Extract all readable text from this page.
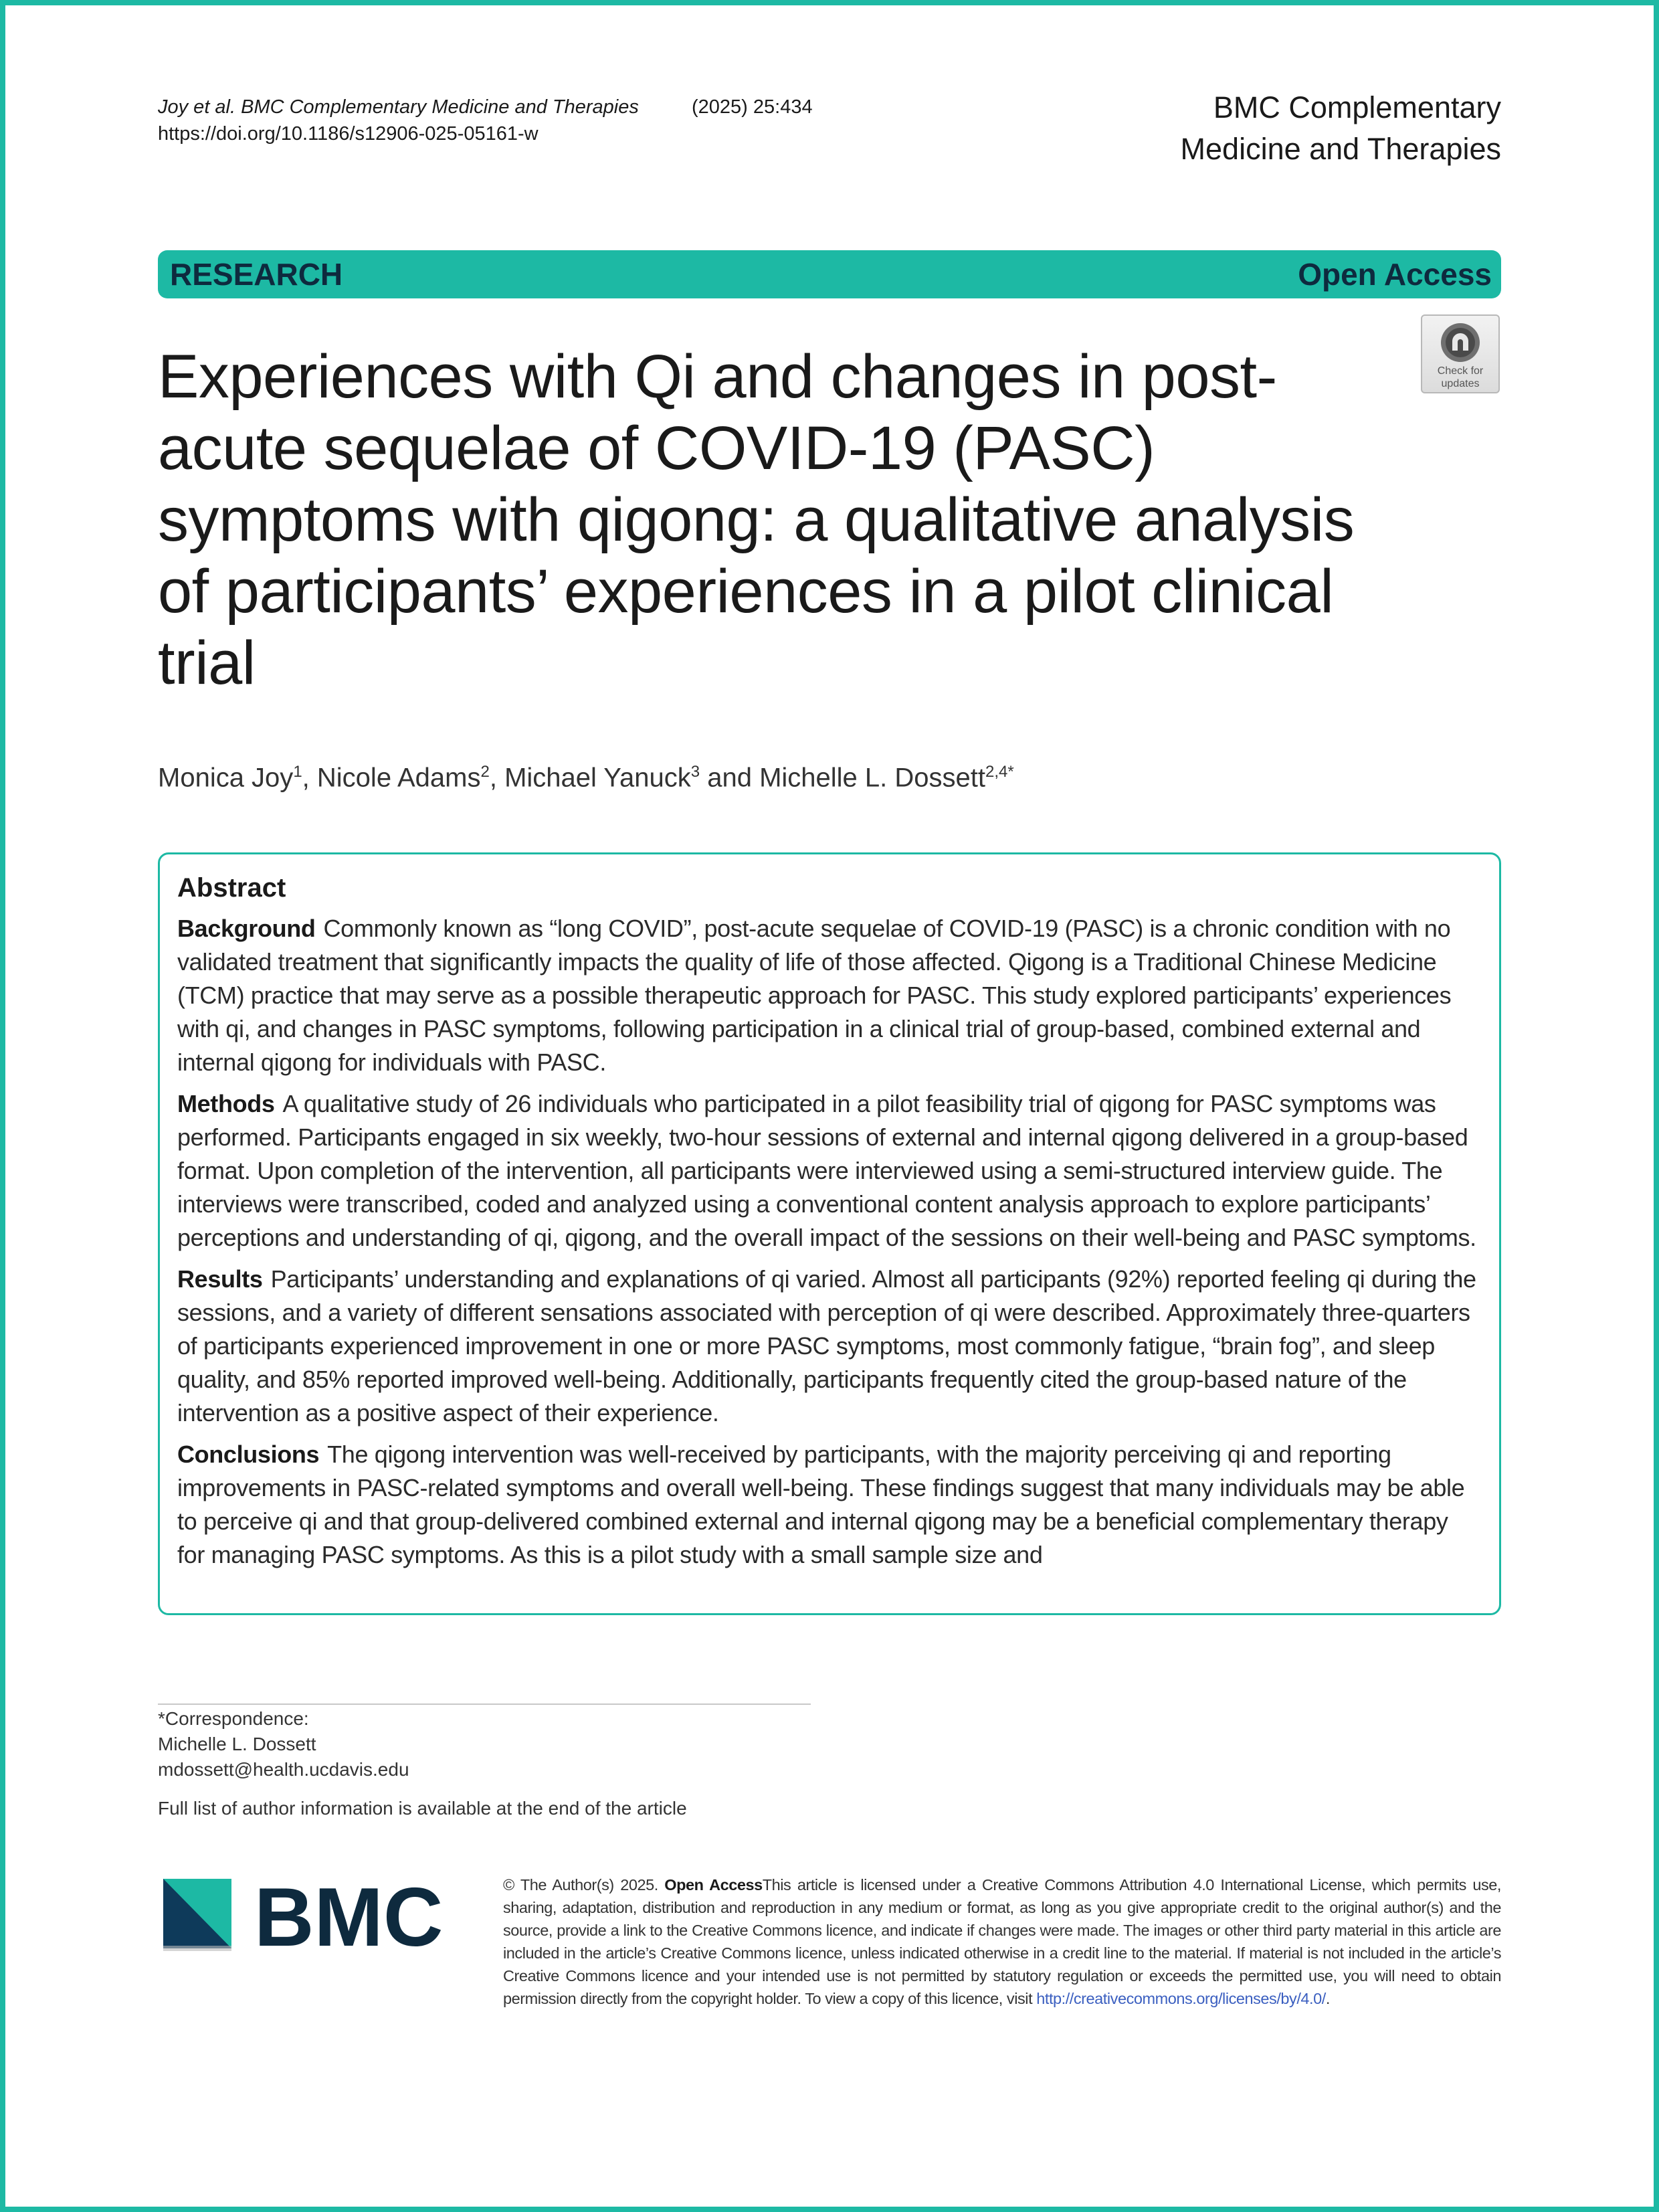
Joy et al. BMC Complementary Medicine and Therapies	(2025) 25:434
https://doi.org/10.1186/s12906-025-05161-w
BMC Complementary
Medicine and Therapies
RESEARCH	Open Access
Check for
updates
Experiences with Qi and changes in post-acute sequelae of COVID-19 (PASC) symptoms with qigong: a qualitative analysis of participants’ experiences in a pilot clinical trial
Monica Joy$^1$, Nicole Adams$^2$, Michael Yanuck$^3$ and Michelle L. Dossett$^{2,4*}$
Abstract

Background Commonly known as “long COVID”, post-acute sequelae of COVID-19 (PASC) is a chronic condition with no validated treatment that significantly impacts the quality of life of those affected. Qigong is a Traditional Chinese Medicine (TCM) practice that may serve as a possible therapeutic approach for PASC. This study explored participants’ experiences with qi, and changes in PASC symptoms, following participation in a clinical trial of group-based, combined external and internal qigong for individuals with PASC.

Methods A qualitative study of 26 individuals who participated in a pilot feasibility trial of qigong for PASC symptoms was performed. Participants engaged in six weekly, two-hour sessions of external and internal qigong delivered in a group-based format. Upon completion of the intervention, all participants were interviewed using a semi-structured interview guide. The interviews were transcribed, coded and analyzed using a conventional content analysis approach to explore participants’ perceptions and understanding of qi, qigong, and the overall impact of the sessions on their well-being and PASC symptoms.

Results Participants’ understanding and explanations of qi varied. Almost all participants (92%) reported feeling qi during the sessions, and a variety of different sensations associated with perception of qi were described. Approximately three-quarters of participants experienced improvement in one or more PASC symptoms, most commonly fatigue, “brain fog”, and sleep quality, and 85% reported improved well-being. Additionally, participants frequently cited the group-based nature of the intervention as a positive aspect of their experience.

Conclusions The qigong intervention was well-received by participants, with the majority perceiving qi and reporting improvements in PASC-related symptoms and overall well-being. These findings suggest that many individuals may be able to perceive qi and that group-delivered combined external and internal qigong may be a beneficial complementary therapy for managing PASC symptoms. As this is a pilot study with a small sample size and

*Correspondence:
Michelle L. Dossett
mdossett@health.ucdavis.edu
Full list of author information is available at the end of the article
BMC	© The Author(s) 2025. Open AccessThis article is licensed under a Creative Commons Attribution 4.0 International License, which permits use, sharing, adaptation, distribution and reproduction in any medium or format, as long as you give appropriate credit to the original author(s) and the source, provide a link to the Creative Commons licence, and indicate if changes were made. The images or other third party material in this article are included in the article’s Creative Commons licence, unless indicated otherwise in a credit line to the material. If material is not included in the article’s Creative Commons licence and your intended use is not permitted by statutory regulation or exceeds the permitted use, you will need to obtain permission directly from the copyright holder. To view a copy of this licence, visit http://creativecommons.org/licenses/by/4.0/.
